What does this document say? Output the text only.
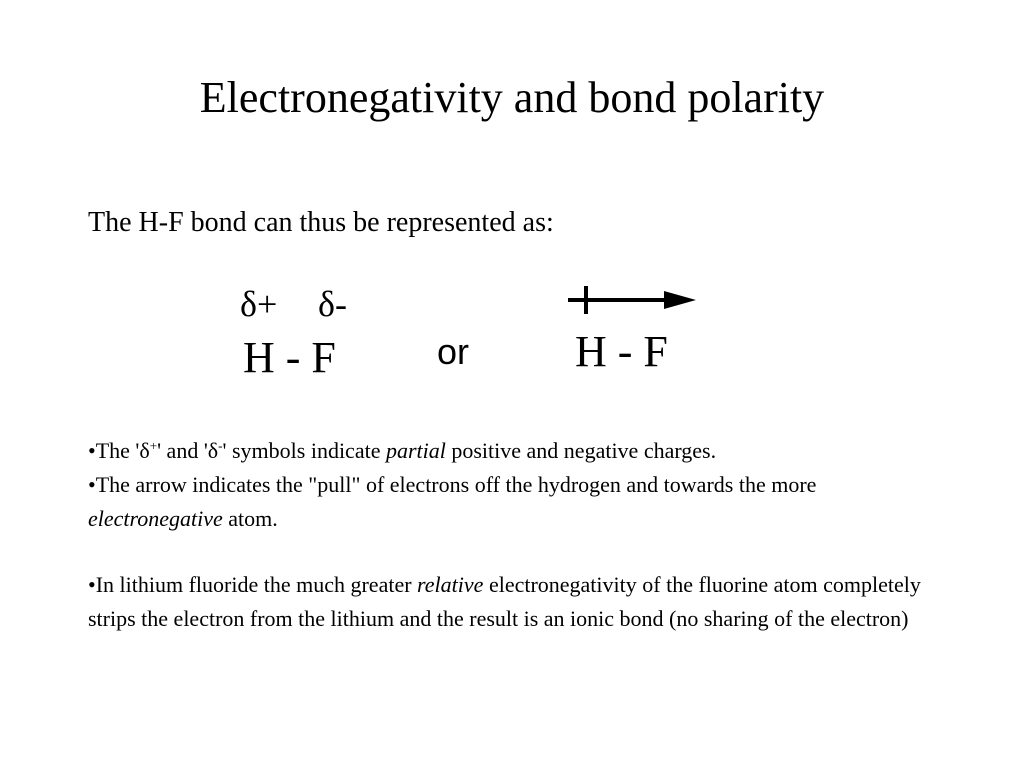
Electronegativity and bond polarity
The H-F bond can thus be represented as:
δ+ δ-
H - F	or H - F

•The 'δ+' and 'δ-' symbols indicate partial positive and negative charges.

•The arrow indicates the "pull" of electrons off the hydrogen and towards the more electronegative atom.

•In lithium fluoride the much greater relative electronegativity of the fluorine atom completely strips the electron from the lithium and the result is an ionic bond (no sharing of the electron)
